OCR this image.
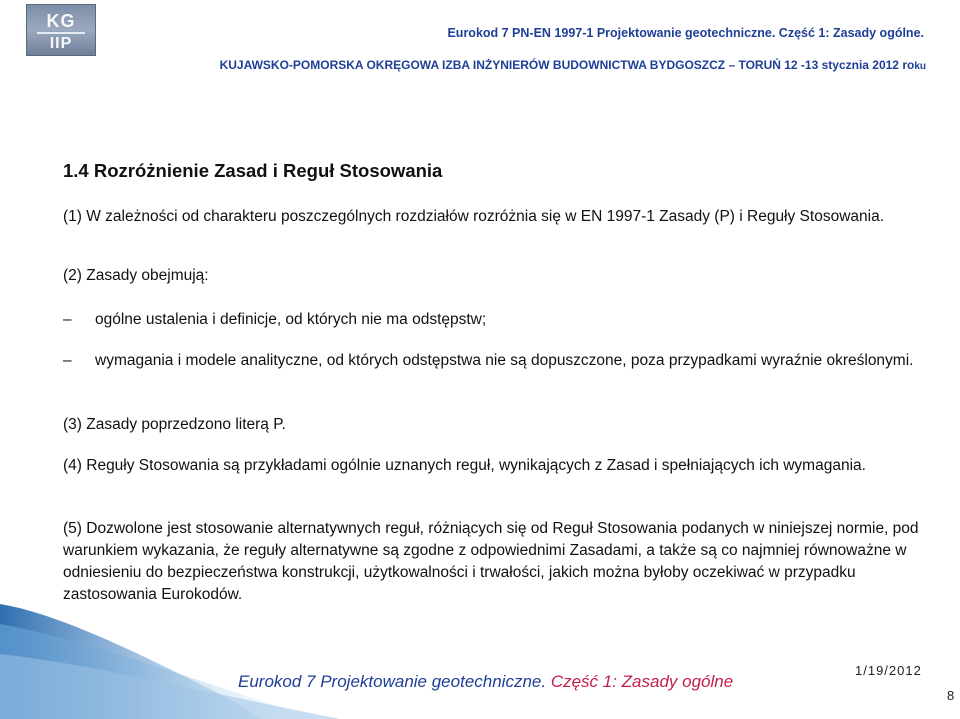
KG
IIP
Eurokod 7 PN-EN 1997-1 Projektowanie geotechniczne. Część 1: Zasady ogólne.
KUJAWSKO-POMORSKA OKRĘGOWA IZBA INŻYNIERÓW BUDOWNICTWA BYDGOSZCZ – TORUŃ 12 -13 stycznia 2012 roku
1.4 Rozróżnienie Zasad i Reguł Stosowania

(1) W zależności od charakteru poszczególnych rozdziałów rozróżnia się w EN 1997-1 Zasady (P) i Reguły Stosowania.

(2) Zasady obejmują:

– ogólne ustalenia i definicje, od których nie ma odstępstw;

– wymagania i modele analityczne, od których odstępstwa nie są dopuszczone, poza przypadkami wyraźnie określonymi.

(3) Zasady poprzedzono literą P.

(4) Reguły Stosowania są przykładami ogólnie uznanych reguł, wynikających z Zasad i spełniających ich wymagania.

(5) Dozwolone jest stosowanie alternatywnych reguł, różniących się od Reguł Stosowania podanych w niniejszej normie, pod warunkiem wykazania, że reguły alternatywne są zgodne z odpowiednimi Zasadami, a także są co najmniej równoważne w odniesieniu do bezpieczeństwa konstrukcji, użytkowalności i trwałości, jakich można byłoby oczekiwać w przypadku zastosowania Eurokodów.

Eurokod 7 Projektowanie geotechniczne. Część 1: Zasady ogólne
1/19/2012
8
